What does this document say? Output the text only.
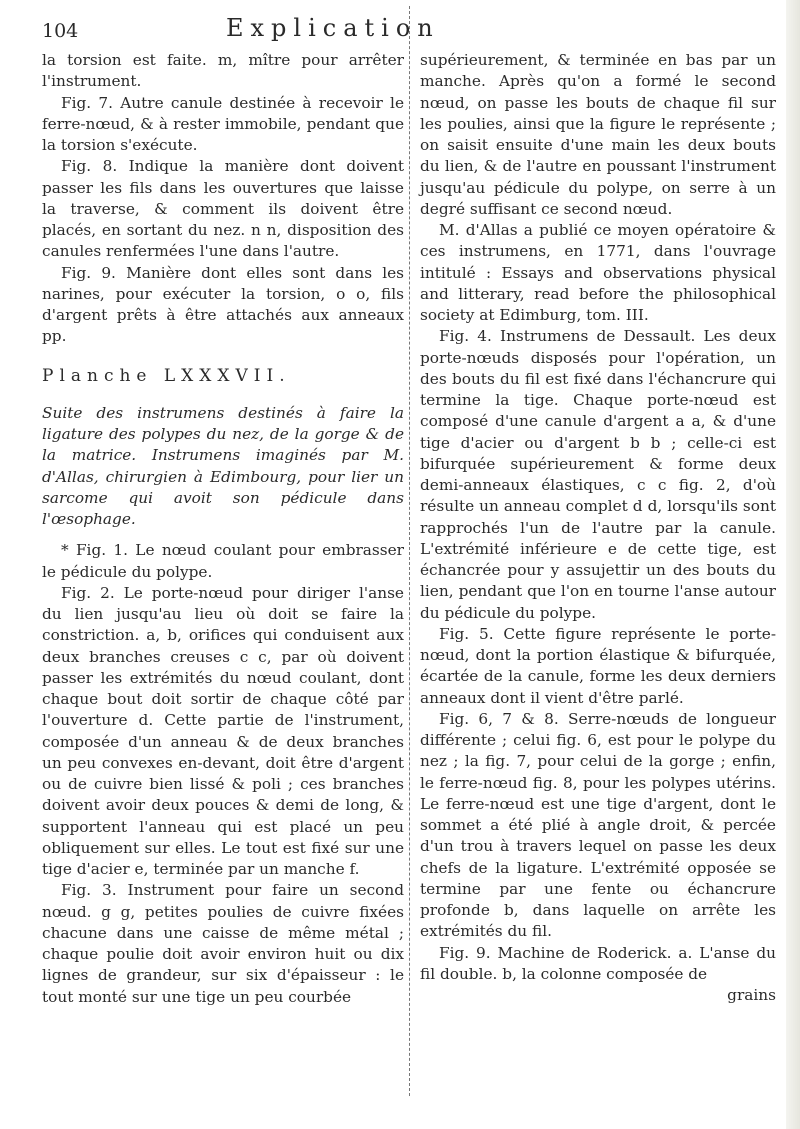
104	Explication

la torsion est faite. m, mître pour arrêter l'instrument.

Fig. 7. Autre canule destinée à recevoir le ferre-nœud, & à rester immobile, pendant que la torsion s'exécute.

Fig. 8. Indique la manière dont doivent passer les fils dans les ouvertures que laisse la traverse, & comment ils doivent être placés, en sortant du nez. n n, disposition des canules renfermées l'une dans l'autre.

Fig. 9. Manière dont elles sont dans les narines, pour exécuter la torsion, o o, fils d'argent prêts à être attachés aux anneaux pp.

Planche LXXXVII.

Suite des instrumens destinés à faire la ligature des polypes du nez, de la gorge & de la matrice. Instrumens imaginés par M. d'Allas, chirurgien à Edimbourg, pour lier un sarcome qui avoit son pédicule dans l'œsophage.

* Fig. 1. Le nœud coulant pour embrasser le pédicule du polype.

Fig. 2. Le porte-nœud pour diriger l'anse du lien jusqu'au lieu où doit se faire la constriction. a, b, orifices qui conduisent aux deux branches creuses c c, par où doivent passer les extrémités du nœud coulant, dont chaque bout doit sortir de chaque côté par l'ouverture d. Cette partie de l'instrument, composée d'un anneau & de deux branches un peu convexes en-devant, doit être d'argent ou de cuivre bien lissé & poli ; ces branches doivent avoir deux pouces & demi de long, & supportent l'anneau qui est placé un peu obliquement sur elles. Le tout est fixé sur une tige d'acier e, terminée par un manche f.

Fig. 3. Instrument pour faire un second nœud. g g, petites poulies de cuivre fixées chacune dans une caisse de même métal ; chaque poulie doit avoir environ huit ou dix lignes de grandeur, sur six d'épaisseur : le tout monté sur une tige un peu courbée

supérieurement, & terminée en bas par un manche. Après qu'on a formé le second nœud, on passe les bouts de chaque fil sur les poulies, ainsi que la figure le représente ; on saisit ensuite d'une main les deux bouts du lien, & de l'autre en poussant l'instrument jusqu'au pédicule du polype, on serre à un degré suffisant ce second nœud.

M. d'Allas a publié ce moyen opératoire & ces instrumens, en 1771, dans l'ouvrage intitulé : Essays and observations physical and litterary, read before the philosophical society at Edimburg, tom. III.

Fig. 4. Instrumens de Dessault. Les deux porte-nœuds disposés pour l'opération, un des bouts du fil est fixé dans l'échancrure qui termine la tige. Chaque porte-nœud est composé d'une canule d'argent a a, & d'une tige d'acier ou d'argent b b ; celle-ci est bifurquée supérieurement & forme deux demi-anneaux élastiques, c c fig. 2, d'où résulte un anneau complet d d, lorsqu'ils sont rapprochés l'un de l'autre par la canule. L'extrémité inférieure e de cette tige, est échancrée pour y assujettir un des bouts du lien, pendant que l'on en tourne l'anse autour du pédicule du polype.

Fig. 5. Cette figure représente le porte-nœud, dont la portion élastique & bifurquée, écartée de la canule, forme les deux derniers anneaux dont il vient d'être parlé.

Fig. 6, 7 & 8. Serre-nœuds de longueur différente ; celui fig. 6, est pour le polype du nez ; la fig. 7, pour celui de la gorge ; enfin, le ferre-nœud fig. 8, pour les polypes utérins. Le ferre-nœud est une tige d'argent, dont le sommet a été plié à angle droit, & percée d'un trou à travers lequel on passe les deux chefs de la ligature. L'extrémité opposée se termine par une fente ou échancrure profonde b, dans laquelle on arrête les extrémités du fil.

Fig. 9. Machine de Roderick. a. L'anse du fil double. b, la colonne composée de

grains
